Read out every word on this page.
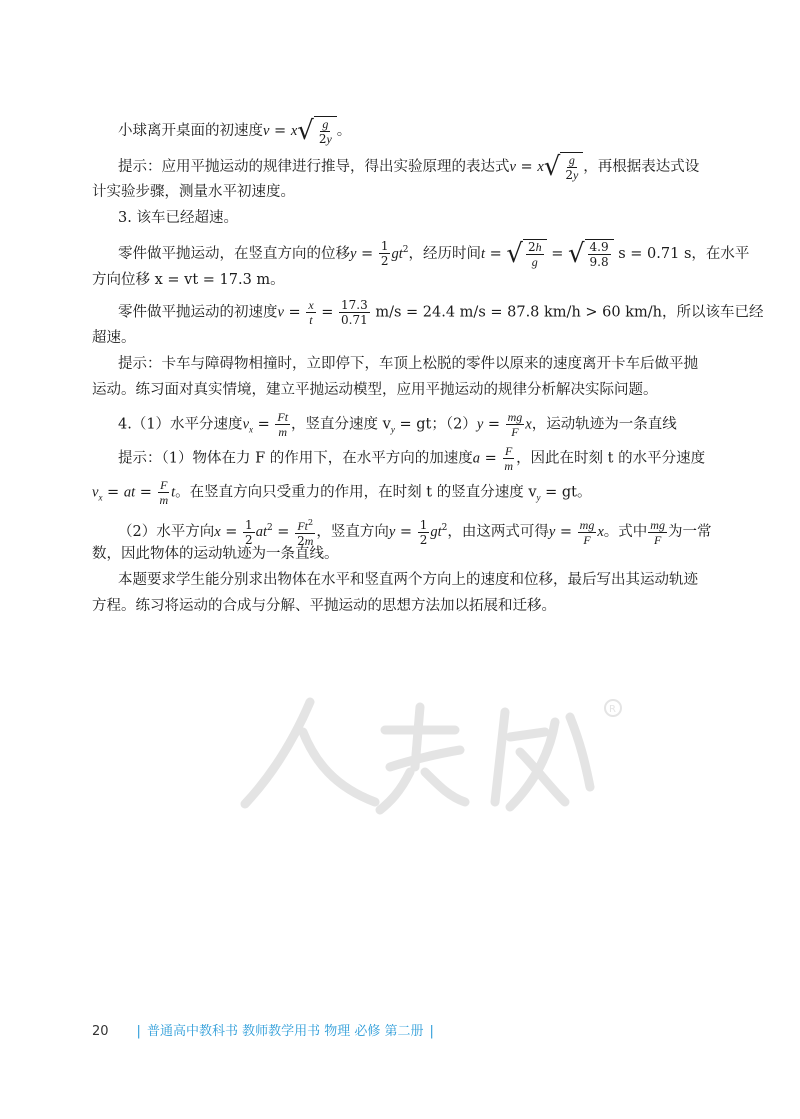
小球离开桌面的初速度v = x √ $\frac{g}{2y}$ 。
提示：应用平抛运动的规律进行推导，得出实验原理的表达式v = x √ $\frac{g}{2y}$ ，再根据表达式设
计实验步骤，测量水平初速度。
3. 该车已经超速。
零件做平抛运动，在竖直方向的位移$y = \frac{1}{2} gt^2$，经历时间t = √ $\frac{2h}{g}$ = √ $\frac{4.9}{9.8}$ s = 0.71 s，在水平
方向位移 x = vt = 17.3 m。
零件做平抛运动的初速度$v = \frac{x}{t} = \frac{17.3}{0.71} m/s = 24.4$ m/s = 87.8 km/h > 60 km/h，所以该车已经
超速。
提示：卡车与障碍物相撞时，立即停下，车顶上松脱的零件以原来的速度离开卡车后做平抛
运动。练习面对真实情境，建立平抛运动模型，应用平抛运动的规律分析解决实际问题。
4.（1）水平分速度$v_x = \frac{Ft}{m}$ ，竖直分速度 $v_y$ = gt；$(2)y = \frac{mg}{F}$ x，运动轨迹为一条直线
提示：（1）物体在力 F 的作用下，在水平方向的加速度$a = \frac{F}{m}$ ，因此在时刻 t 的水平分速度
$v_x$ = at = $\frac{F}{m}$ t。在竖直方向只受重力的作用，在时刻 t 的竖直分速度 $v_y$ = gt。
（2）水平方向$x = \frac{1}{2} at^2 = \frac{Ft^2}{2m}$ ，竖直方向$y = \frac{1}{2} gt^2$，由这两式可得$y = \frac{mg}{F}$ x。式中 $\frac{mg}{F}$ 为一常
数，因此物体的运动轨迹为一条直线。
本题要求学生能分别求出物体在水平和竖直两个方向上的速度和位移，最后写出其运动轨迹
方程。练习将运动的合成与分解、平抛运动的思想方法加以拓展和迁移。
R
20 | 普通高中教科书 教师教学用书 物理 必修 第二册 |
